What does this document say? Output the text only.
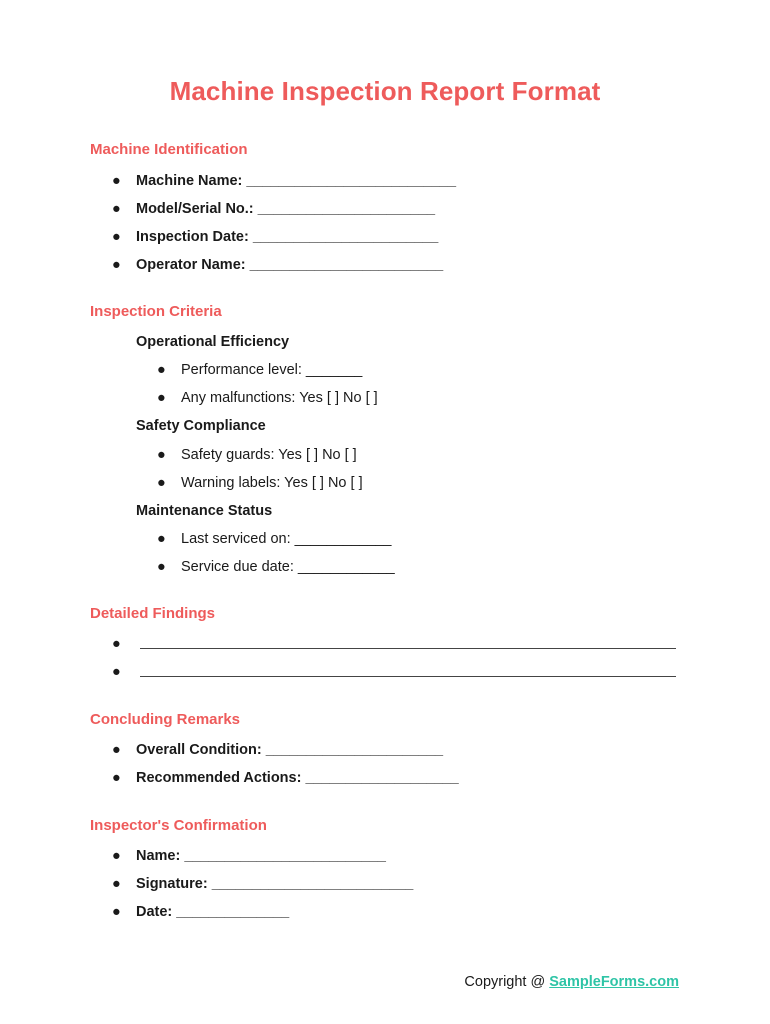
Machine Inspection Report Format
Machine Identification
● Machine Name: __________________________
● Model/Serial No.: ______________________
● Inspection Date: _______________________
● Operator Name: ________________________
Inspection Criteria
Operational Efficiency
● Performance level: _______
● Any malfunctions: Yes [ ] No [ ]
Safety Compliance
● Safety guards: Yes [ ] No [ ]
● Warning labels: Yes [ ] No [ ]
Maintenance Status
● Last serviced on: ____________
● Service due date: ____________
Detailed Findings
●
●
Concluding Remarks
● Overall Condition: ______________________
● Recommended Actions: ___________________
Inspector's Confirmation
● Name: _________________________
● Signature: _________________________
● Date: ______________
Copyright @ SampleForms.com
